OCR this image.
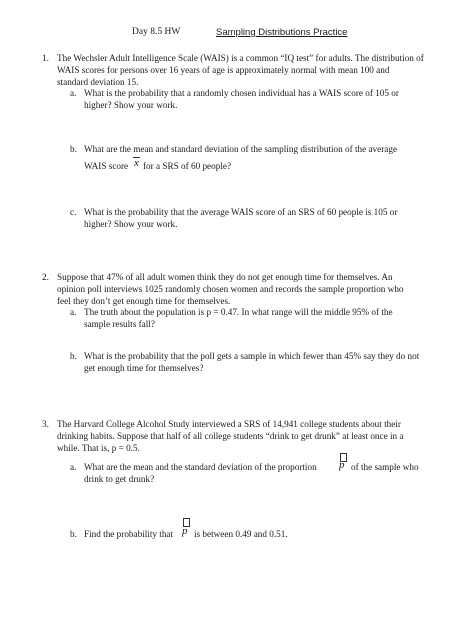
Day 8.5 HW	Sampling Distributions Practice
1. The Wechsler Adult Intelligence Scale (WAIS) is a common “IQ test” for adults. The distribution of
WAIS scores for persons over 16 years of age is approximately normal with mean 100 and
standard deviation 15.
a. What is the probability that a randomly chosen individual has a WAIS score of 105 or
higher? Show your work.
b. What are the mean and standard deviation of the sampling distribution of the average
WAIS score x for a SRS of 60 people?
c. What is the probability that the average WAIS score of an SRS of 60 people is 105 or
higher? Show your work.
2. Suppose that 47% of all adult women think they do not get enough time for themselves. An
opinion poll interviews 1025 randomly chosen women and records the sample proportion who
feel they don’t get enough time for themselves.
a. The truth about the population is p = 0.47. In what range will the middle 95% of the
sample results fall?
b. What is the probability that the poll gets a sample in which fewer than 45% say they do not
get enough time for themselves?
3. The Harvard College Alcohol Study interviewed a SRS of 14,941 college students about their
drinking habits. Suppose that half of all college students “drink to get drunk” at least once in a
while. That is, p = 0.5.
a. What are the mean and the standard deviation of the proportion p of the sample who
drink to get drunk?
b. Find the probability that p is between 0.49 and 0.51.
